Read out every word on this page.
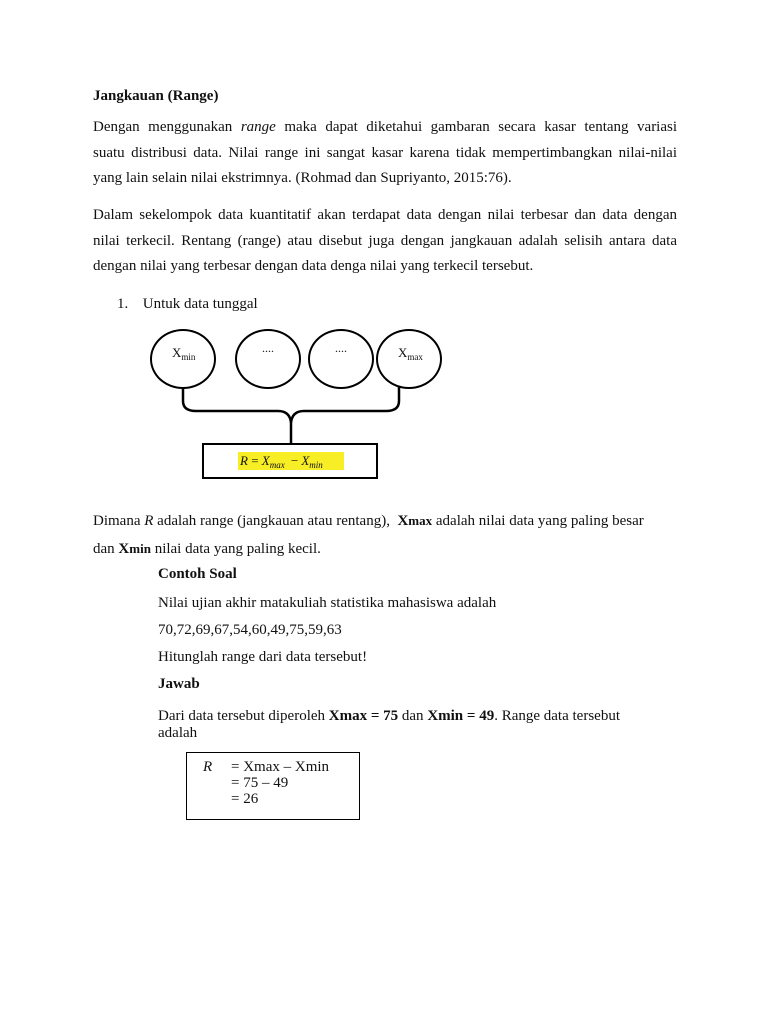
Jangkauan (Range)
Dengan menggunakan range maka dapat diketahui gambaran secara kasar tentang variasi
suatu distribusi data. Nilai range ini sangat kasar karena tidak mempertimbangkan nilai-nilai
yang lain selain nilai ekstrimnya. (Rohmad dan Supriyanto, 2015:76).
Dalam sekelompok data kuantitatif akan terdapat data dengan nilai terbesar dan data dengan
nilai terkecil. Rentang (range) atau disebut juga dengan jangkauan adalah selisih antara data
dengan nilai yang terbesar dengan data denga nilai yang terkecil tersebut.
1. Untuk data tunggal
$X_{min}$
....	....	$X_{max}$
$R = X_{max} - X_{min}$
Dimana R adalah range (jangkauan atau rentang), Xmax adalah nilai data yang paling besar
dan Xmin nilai data yang paling kecil.
Contoh Soal
Nilai ujian akhir matakuliah statistika mahasiswa adalah
70,72,69,67,54,60,49,75,59,63
Hitunglah range dari data tersebut!
Jawab
Dari data tersebut diperoleh Xmax = 75 dan Xmin = 49. Range data tersebut
adalah
R = Xmax – Xmin
= 75 – 49
= 26
